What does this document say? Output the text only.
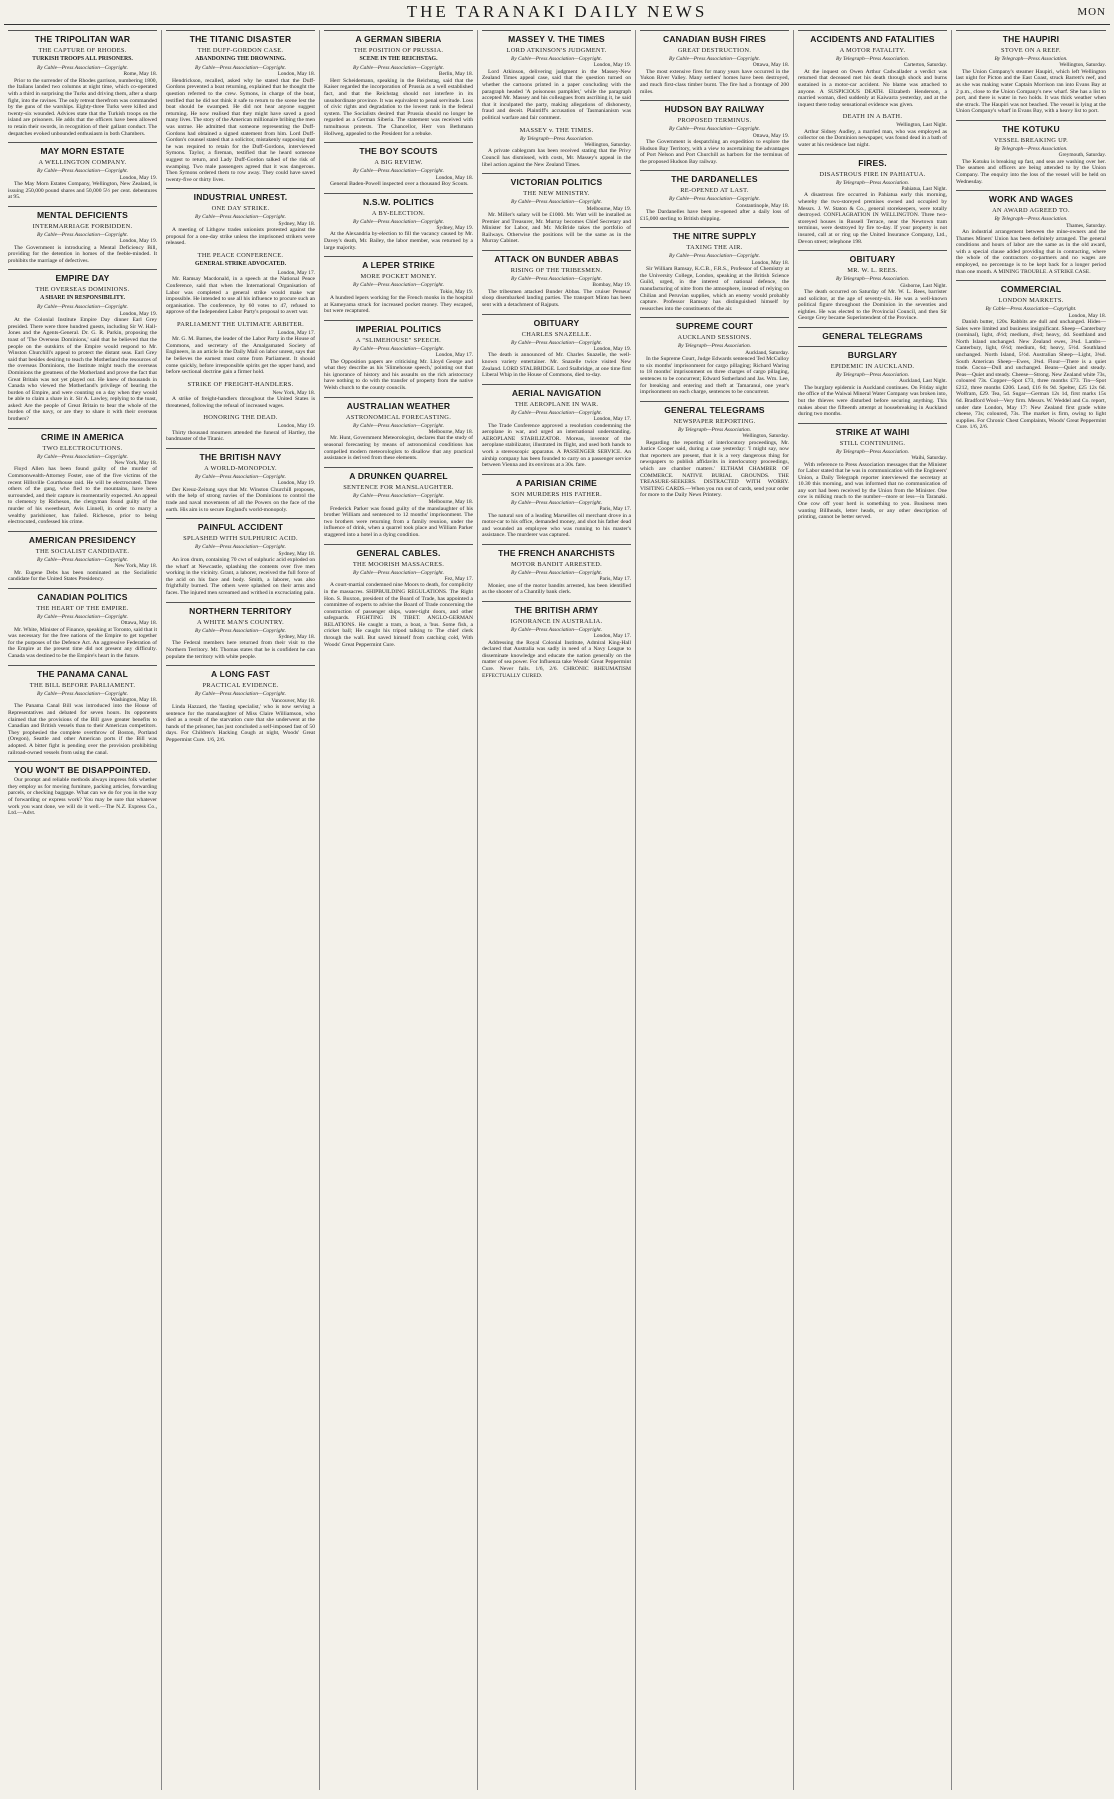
THE TARANAKI DAILY NEWS	MON
THE TRIPOLITAN WAR
THE CAPTURE OF RHODES.
TURKISH TROOPS ALL PRISONERS.
By Cable—Press Association—Copyright.
Rome, May 18.

Prior to the surrender of the Rhodes garrison, numbering 1800, the Italians landed two columns at night time, which co-operated with a third in surprising the Turks and driving them, after a sharp fight, into the ravines. The only retreat therefrom was commanded by the guns of the warships. Eighty-three Turks were killed and twenty-six wounded. Advices state that the Turkish troops on the island are prisoners. He adds that the officers have been allowed to retain their swords, in recognition of their gallant conduct. The despatches evoked unbounded enthusiasm in both Chambers.

MAY MORN ESTATE
A WELLINGTON COMPANY.
By Cable—Press Association—Copyright.
London, May 19.

The May Morn Estates Company, Wellington, New Zealand, is issuing 250,000 pound shares and 50,000 5½ per cent. debentures at 95.

MENTAL DEFICIENTS
INTERMARRIAGE FORBIDDEN.
By Cable—Press Association—Copyright.
London, May 19.

The Government is introducing a Mental Deficiency Bill, providing for the detention in homes of the feeble-minded. It prohibits the marriage of defectives.

EMPIRE DAY
THE OVERSEAS DOMINIONS.
A SHARE IN RESPONSIBILITY.
By Cable—Press Association—Copyright.
London, May 19.

At the Colonial Institute Empire Day dinner Earl Grey presided. There were three hundred guests, including Sir W. Hall-Jones and the Agents-General. Dr. G. R. Parkin, proposing the toast of 'The Overseas Dominions,' said that he believed that the people on the outskirts of the Empire would respond to Mr. Winston Churchill's appeal to protect the distant seas. Earl Grey said that besides desiring to teach the Motherland the resources of the overseas Dominions, the Institute might teach the overseas Dominions the greatness of the Motherland and prove the fact that Great Britain was not yet played out. He knew of thousands in Canada who viewed the Motherland's privilege of bearing the burden of Empire, and were counting on a day when they would be able to claim a share in it. Sir A. Lawley, replying to the toast, asked: Are the people of Great Britain to bear the whole of the burden of the navy, or are they to share it with their overseas brothers?

CRIME IN AMERICA
TWO ELECTROCUTIONS.
By Cable—Press Association—Copyright.
New York, May 18.

Floyd Allen has been found guilty of the murder of Commonwealth-Attorney Foster, one of the five victims of the recent Hillsville Courthouse raid. He will be electrocuted. Three others of the gang, who fled to the mountains, have been surrounded, and their capture is momentarily expected. An appeal to clemency by Richeson, the clergyman found guilty of the murder of his sweetheart, Avis Linnell, in order to marry a wealthy parishioner, has failed. Richeson, prior to being electrocuted, confessed his crime.

AMERICAN PRESIDENCY
THE SOCIALIST CANDIDATE.
By Cable—Press Association—Copyright.
New York, May 18.

Mr. Eugene Debs has been nominated as the Socialistic candidate for the United States Presidency.

CANADIAN POLITICS
THE HEART OF THE EMPIRE.
By Cable—Press Association—Copyright.
Ottawa, May 18.

Mr. White, Minister of Finance, speaking at Toronto, said that it was necessary for the free nations of the Empire to get together for the purposes of the Defence Act. An aggressive Federation of the Empire at the present time did not present any difficulty. Canada was destined to be the Empire's heart in the future.

THE PANAMA CANAL
THE BILL BEFORE PARLIAMENT.
By Cable—Press Association—Copyright.
Washington, May 18.

The Panama Canal Bill was introduced into the House of Representatives and debated for seven hours. Its opponents claimed that the provisions of the Bill gave greater benefits to Canadian and British vessels than to their American competitors. They prophesied the complete overthrow of Boston, Portland (Oregon), Seattle and other American ports if the Bill was adopted. A bitter fight is pending over the provision prohibiting railroad-owned vessels from using the canal.

YOU WON'T BE DISAPPOINTED.

Our prompt and reliable methods always impress folk whether they employ us for moving furniture, packing articles, forwarding parcels, or checking baggage. What can we do for you in the way of forwarding or express work? You may be sure that whatever work you want done, we will do it well.—The N.Z. Express Co., Ltd.—Advt.

THE TITANIC DISASTER
THE DUFF-GORDON CASE.
ABANDONING THE DROWNING.
By Cable—Press Association—Copyright.
London, May 18.

Hendrickson, recalled, asked why he stated that the Duff-Gordons prevented a boat returning, explained that he thought the question referred to the crew. Symons, in charge of the boat, testified that he did not think it safe to return to the scene lest the boat should be swamped. He did not hear anyone suggest returning. He now realised that they might have saved a good many lives. The story of the American millionaire bribing the men was untrue. He admitted that someone representing the Duff-Gordons had obtained a signed statement from him. Lord Duff-Gordon's counsel stated that a solicitor, mistakenly supposing that he was required to retain for the Duff-Gordons, interviewed Symons. Taylor, a fireman, testified that he heard someone suggest to return, and Lady Duff-Gordon talked of the risk of swamping. Two male passengers agreed that it was dangerous. Then Symons ordered them to row away. They could have saved twenty-five or thirty lives.

INDUSTRIAL UNREST.
ONE DAY STRIKE.
By Cable—Press Association—Copyright.
Sydney, May 18.

A meeting of Lithgow trades unionists protested against the proposal for a one-day strike unless the imprisoned strikers were released.

THE PEACE CONFERENCE.
GENERAL STRIKE ADVOCATED.
London, May 17.

Mr. Ramsay Macdonald, in a speech at the National Peace Conference, said that when the International Organisation of Labor was completed a general strike would make war impossible. He intended to use all his influence to procure such an organisation. The conference, by 60 votes to 47, refused to approve of the Independent Labor Party's proposal to avert war.

PARLIAMENT THE ULTIMATE ARBITER.
London, May 17.

Mr. G. M. Barnes, the leader of the Labor Party in the House of Commons, and secretary of the Amalgamated Society of Engineers, in an article in the Daily Mail on labor unrest, says that he believes the earnest must come from Parliament. It should come quickly, before irresponsible spirits get the upper hand, and before sectional doctrine gain a firmer hold.

STRIKE OF FREIGHT-HANDLERS.
New York, May 18.

A strike of freight-handlers throughout the United States is threatened, following the refusal of increased wages.

HONORING THE DEAD.
London, May 19.

Thirty thousand mourners attended the funeral of Hartley, the bandmaster of the Titanic.

THE BRITISH NAVY
A WORLD-MONOPOLY.
By Cable—Press Association—Copyright.
London, May 19.

Der Kreuz-Zeitung says that Mr. Winston Churchill proposes, with the help of strong navies of the Dominions to control the trade and naval movements of all the Powers on the face of the earth. His aim is to secure England's world-monopoly.

PAINFUL ACCIDENT
SPLASHED WITH SULPHURIC ACID.
By Cable—Press Association—Copyright.
Sydney, May 18.

An iron drum, containing 70 cwt of sulphuric acid exploded on the wharf at Newcastle, splashing the contents over five men working in the vicinity. Grant, a laborer, received the full force of the acid on his face and body. Smith, a laborer, was also frightfully burned. The others were splashed on their arms and faces. The injured men screamed and writhed in excruciating pain.

NORTHERN TERRITORY
A WHITE MAN'S COUNTRY.
By Cable—Press Association—Copyright.
Sydney, May 18.

The Federal members here returned from their visit to the Northern Territory. Mr. Thomas states that he is confident he can populate the territory with white people.

A LONG FAST
PRACTICAL EVIDENCE.
By Cable—Press Association—Copyright.
Vancouver, May 18.

Linda Hazzard, the 'fasting specialist,' who is now serving a sentence for the manslaughter of Miss Claire Williamson, who died as a result of the starvation cure that she underwent at the hands of the prisoner, has just concluded a self-imposed fast of 50 days. For Children's Hacking Cough at night, Woods' Great Peppermint Cure. 1/6, 2/6.

A GERMAN SIBERIA
THE POSITION OF PRUSSIA.
SCENE IN THE REICHSTAG.
By Cable—Press Association—Copyright.
Berlin, May 18.

Herr Scheidemann, speaking in the Reichstag, said that the Kaiser regarded the incorporation of Prussia as a well established fact, and that the Reichstag should not interfere in its unsubordinate province. It was equivalent to penal servitude. Loss of civic rights and degradation to the lowest rank in the federal system. The Socialists desired that Prussia should no longer be regarded as a German Siberia. The statement was received with tumultuous protests. The Chancellor, Herr von Bethmann Hollweg, appealed to the President for a rebuke.

THE BOY SCOUTS
A BIG REVIEW.
By Cable—Press Association—Copyright.
London, May 18.

General Baden-Powell inspected over a thousand Boy Scouts.

N.S.W. POLITICS
A BY-ELECTION.
By Cable—Press Association—Copyright.
Sydney, May 19.

At the Alexandria by-election to fill the vacancy caused by Mr. Davey's death, Mr. Bailey, the labor member, was returned by a large majority.

A LEPER STRIKE
MORE POCKET MONEY.
By Cable—Press Association—Copyright.
Tokio, May 19.

A hundred lepers working for the French monks in the hospital at Kameyama struck for increased pocket money. They escaped, but were recaptured.

IMPERIAL POLITICS
A "SLIMEHOUSE" SPEECH.
By Cable—Press Association—Copyright.
London, May 17.

The Opposition papers are criticising Mr. Lloyd George and what they describe as his 'Slimehouse speech,' pointing out that his ignorance of history and his assaults on the rich aristocracy have nothing to do with the transfer of property from the native Welsh church to the county councils.

AUSTRALIAN WEATHER
ASTRONOMICAL FORECASTING.
By Cable—Press Association—Copyright.
Melbourne, May 18.

Mr. Hunt, Government Meteorologist, declares that the study of seasonal forecasting by means of astronomical conditions has compelled modern meteorologists to disallow that any practical assistance is derived from these elements.

A DRUNKEN QUARREL
SENTENCE FOR MANSLAUGHTER.
By Cable—Press Association—Copyright.
Melbourne, May 18.

Frederick Parker was found guilty of the manslaughter of his brother William and sentenced to 12 months' imprisonment. The two brothers were returning from a family reunion, under the influence of drink, when a quarrel took place and William Parker staggered into a hotel in a dying condition.

GENERAL CABLES.
THE MOORISH MASSACRES.
By Cable—Press Association—Copyright.
Fez, May 17.

A court-martial condemned nine Moors to death, for complicity in the massacres. SHIPBUILDING REGULATIONS. The Right Hon. S. Buxton, president of the Board of Trade, has appointed a committee of experts to advise the Board of Trade concerning the construction of passenger ships, water-tight doors, and other safeguards. FIGHTING IN TIBET. ANGLO-GERMAN RELATIONS. He caught a tram, a boat, a 'bus. Some fish, a cricket ball; He caught his tripod talking to The chief clerk through the wall. But saved himself from catching cold, With Woods' Great Peppermint Cure.

MASSEY V. THE TIMES
LORD ATKINSON'S JUDGMENT.
By Cable—Press Association—Copyright.
London, May 19.

Lord Atkinson, delivering judgment in the Massey-New Zealand Times appeal case, said that the question turned on whether the cartoons printed in a paper concluding with the paragraph headed 'A poisonous pamphlet,' while the paragraph accepted Mr. Massey and his colleagues from ascribing it, he said that it inculpated the party, making allegations of dishonesty, fraud and deceit. Plaintiff's accusation of Tasmanianism was political warfare and fair comment.

MASSEY v. THE TIMES.
By Telegraph—Press Association.
Wellington, Saturday.

A private cablegram has been received stating that the Privy Council has dismissed, with costs, Mr. Massey's appeal in the libel action against the New Zealand Times.

VICTORIAN POLITICS
THE NEW MINISTRY.
By Cable—Press Association—Copyright.
Melbourne, May 19.

Mr. Miller's salary will be £1000. Mr. Watt will be installed as Premier and Treasurer, Mr. Murray becomes Chief Secretary and Minister for Labor, and Mr. McBride takes the portfolio of Railways. Otherwise the positions will be the same as in the Murray Cabinet.

ATTACK ON BUNDER ABBAS
RISING OF THE TRIBESMEN.
By Cable—Press Association—Copyright.
Bombay, May 19.

The tribesmen attacked Bunder Abbas. The cruiser Perseus' sloop disembarked landing parties. The transport Minto has been sent with a detachment of Rajputs.

OBITUARY
CHARLES SNAZELLE.
By Cable—Press Association—Copyright.
London, May 19.

The death is announced of Mr. Charles Snazelle, the well-known variety entertainer. Mr. Snazelle twice visited New Zealand. LORD STALBRIDGE. Lord Stalbridge, at one time first Liberal Whip in the House of Commons, died to-day.

AERIAL NAVIGATION
THE AEROPLANE IN WAR.
By Cable—Press Association—Copyright.
London, May 17.

The Trade Conference approved a resolution condemning the aeroplane in war, and urged an international understanding. AEROPLANE STABILIZATOR. Moreau, inventor of the aeroplane stabilizator, illustrated its flight, and used both hands to work a stereoscopic apparatus. A PASSENGER SERVICE. An airship company has been founded to carry on a passenger service between Vienna and its environs at a 30s. fare.

A PARISIAN CRIME
SON MURDERS HIS FATHER.
By Cable—Press Association—Copyright.
Paris, May 17.

The natural son of a leading Marseilles oil merchant drove in a motor-car to his office, demanded money, and shot his father dead and wounded an employee who was running to his master's assistance. The murderer was captured.

THE FRENCH ANARCHISTS
MOTOR BANDIT ARRESTED.
By Cable—Press Association—Copyright.
Paris, May 17.

Monier, one of the motor bandits arrested, has been identified as the shooter of a Chantilly bank clerk.

THE BRITISH ARMY
IGNORANCE IN AUSTRALIA.
By Cable—Press Association—Copyright.
London, May 17.

Addressing the Royal Colonial Institute, Admiral King-Hall declared that Australia was sadly in need of a Navy League to disseminate knowledge and educate the nation generally on the matter of sea power. For Influenza take Woods' Great Peppermint Cure. Never fails. 1/6, 2/6. CHRONIC RHEUMATISM EFFECTUALLY CURED.

CANADIAN BUSH FIRES
GREAT DESTRUCTION.
By Cable—Press Association—Copyright.
Ottawa, May 18.

The most extensive fires for many years have occurred in the Yukon River Valley. Many settlers' homes have been destroyed, and much first-class timber burnt. The fire had a frontage of 200 miles.

HUDSON BAY RAILWAY
PROPOSED TERMINUS.
By Cable—Press Association—Copyright.
Ottawa, May 19.

The Government is despatching an expedition to explore the Hudson Bay Territory, with a view to ascertaining the advantages of Port Nelson and Port Churchill as harbors for the terminus of the proposed Hudson Bay railway.

THE DARDANELLES
RE-OPENED AT LAST.
By Cable—Press Association—Copyright.
Constantinople, May 18.

The Dardanelles have been re-opened after a daily loss of £15,000 sterling to British shipping.

THE NITRE SUPPLY
TAXING THE AIR.
By Cable—Press Association—Copyright.
London, May 18.

Sir William Ramsay, K.C.B., F.R.S., Professor of Chemistry at the University College, London, speaking at the British Science Guild, urged, in the interest of national defence, the manufacturing of nitre from the atmosphere, instead of relying on Chilian and Peruvian supplies, which an enemy would probably capture. Professor Ramsay has distinguished himself by researches into the constituents of the air.

SUPREME COURT
AUCKLAND SESSIONS.
By Telegraph—Press Association.
Auckland, Saturday.

In the Supreme Court, Judge Edwards sentenced Ted McCulloy to six months' imprisonment for cargo pillaging; Richard Waring to 18 months' imprisonment on three charges of cargo pillaging, sentences to be concurrent; Edward Sutherland and Jas. Wm. Lee, for breaking and entering and theft at Tamaranui, one year's imprisonment on each charge, sentences to be concurrent.

GENERAL TELEGRAMS
NEWSPAPER REPORTING.
By Telegraph—Press Association.
Wellington, Saturday.

Regarding the reporting of interlocutory proceedings, Mr. Justice Cooper said, during a case yesterday: 'I might say, now that reporters are present, that it is a very dangerous thing for newspapers to publish affidavits in interlocutory proceedings, which are chamber matters.' ELTHAM CHAMBER OF COMMERCE. NATIVE BURIAL GROUNDS. THE TREASURE-SEEKERS. DISTRACTED WITH WORRY. VISITING CARDS.—When you run out of cards, send your order for more to the Daily News Printery.

ACCIDENTS AND FATALITIES
A MOTOR FATALITY.
By Telegraph—Press Association.
Carterton, Saturday.

At the inquest on Owen Arthur Cadwallader a verdict was returned that deceased met his death through shock and burns sustained in a motor-car accident. No blame was attached to anyone. A SUSPICIOUS DEATH. Elizabeth Henderson, a married woman, died suddenly at Kaiwarra yesterday, and at the inquest there today sensational evidence was given.

DEATH IN A BATH.
Wellington, Last Night.

Arthur Sidney Audley, a married man, who was employed as collector on the Dominion newspaper, was found dead in a bath of water at his residence last night.

FIRES.
DISASTROUS FIRE IN PAHIATUA.
By Telegraph—Press Association.
Pahiatua, Last Night.

A disastrous fire occurred in Pahiatua early this morning, whereby the two-storeyed premises owned and occupied by Messrs. J. W. Staton & Co., general storekeepers, were totally destroyed. CONFLAGRATION IN WELLINGTON. Three two-storeyed houses in Russell Terrace, near the Newtown tram terminus, were destroyed by fire to-day. If your property is not insured, call at or ring up the United Insurance Company, Ltd., Devon street; telephone 198.

OBITUARY
MR. W. L. REES.
By Telegraph—Press Association.
Gisborne, Last Night.

The death occurred on Saturday of Mr. W. L. Rees, barrister and solicitor, at the age of seventy-six. He was a well-known political figure throughout the Dominion in the seventies and eighties. He was elected to the Provincial Council, and then Sir George Grey became Superintendent of the Province.

GENERAL TELEGRAMS
BURGLARY
EPIDEMIC IN AUCKLAND.
By Telegraph—Press Association.
Auckland, Last Night.

The burglary epidemic in Auckland continues. On Friday night the office of the Waiwai Mineral Water Company was broken into, but the thieves were disturbed before securing anything. This makes about the fifteenth attempt at housebreaking in Auckland during two months.

STRIKE AT WAIHI
STILL CONTINUING.
By Telegraph—Press Association.
Waihi, Saturday.

With reference to Press Association messages that the Minister for Labor stated that he was in communication with the Engineers' Union, a Daily Telegraph reporter interviewed the secretary at 10.30 this morning, and was informed that no communication of any sort had been received by the Union from the Minister. One cow is milking much to the number—more or less—in Taranaki. One cow off your herd is something to you. Business men wanting Billheads, letter heads, or any other description of printing, cannot be better served.

THE HAUPIRI
STOVE ON A REEF.
By Telegraph—Press Association.
Wellington, Saturday.

The Union Company's steamer Haupiri, which left Wellington last night for Picton and the East Coast, struck Barrett's reef, and as she was making water Captain Morrison ran into Evans Bay at 2 p.m., close to the Union Company's new wharf. She has a list to port, and there is water in two holds. It was thick weather when she struck. The Haupiri was not beached. The vessel is lying at the Union Company's wharf in Evans Bay, with a heavy list to port.

THE KOTUKU
VESSEL BREAKING UP.
By Telegraph—Press Association.
Greymouth, Saturday.

The Kotuku is breaking up fast, and seas are washing over her. The seamen and officers are being attended to by the Union Company. The enquiry into the loss of the vessel will be held on Wednesday.

WORK AND WAGES
AN AWARD AGREED TO.
By Telegraph—Press Association.
Thames, Saturday.

An industrial arrangement between the mine-owners and the Thames Miners' Union has been definitely arranged. The general conditions and hours of labor are the same as in the old award, with a special clause added providing that in contracting, where the whole of the contractors co-partners and no wages are employed, no percentage is to be kept back for a longer period than one month. A MINING TROUBLE. A STRIKE CASE.

COMMERCIAL
LONDON MARKETS.
By Cable—Press Association—Copyright.
London, May 18.

Danish butter, 120s. Rabbits are dull and unchanged. Hides—Sales were limited and business insignificant. Sheep—Canterbury (nominal), light, 4½d; medium, 4¼d; heavy, 4d. Southland and North Island unchanged. New Zealand ewes, 3¾d. Lambs—Canterbury, light, 6½d; medium, 6d; heavy, 5½d. Southland unchanged. North Island, 5½d. Australian Sheep—Light, 3¾d. South American Sheep—Ewes, 3¾d. Flour—There is a quiet trade. Cocoa—Dull and unchanged. Beans—Quiet and steady. Peas—Quiet and steady. Cheese—Strong. New Zealand white 73s, coloured 73s. Copper—Spot £73, three months £73. Tin—Spot £212, three months £206. Lead, £16 8s 9d. Spelter, £25 12s 6d. Wolfram, £29. Tea, 5d. Sugar—German 12s 1d, first marks 15s 6d. Bradford Wool—Very firm. Messrs. W. Weddel and Co. report, under date London, May 17: New Zealand first grade white cheese, 73s; coloured, 73s. The market is firm, owing to light supplies. For Chronic Chest Complaints, Woods' Great Peppermint Cure. 1/6, 2/6.
